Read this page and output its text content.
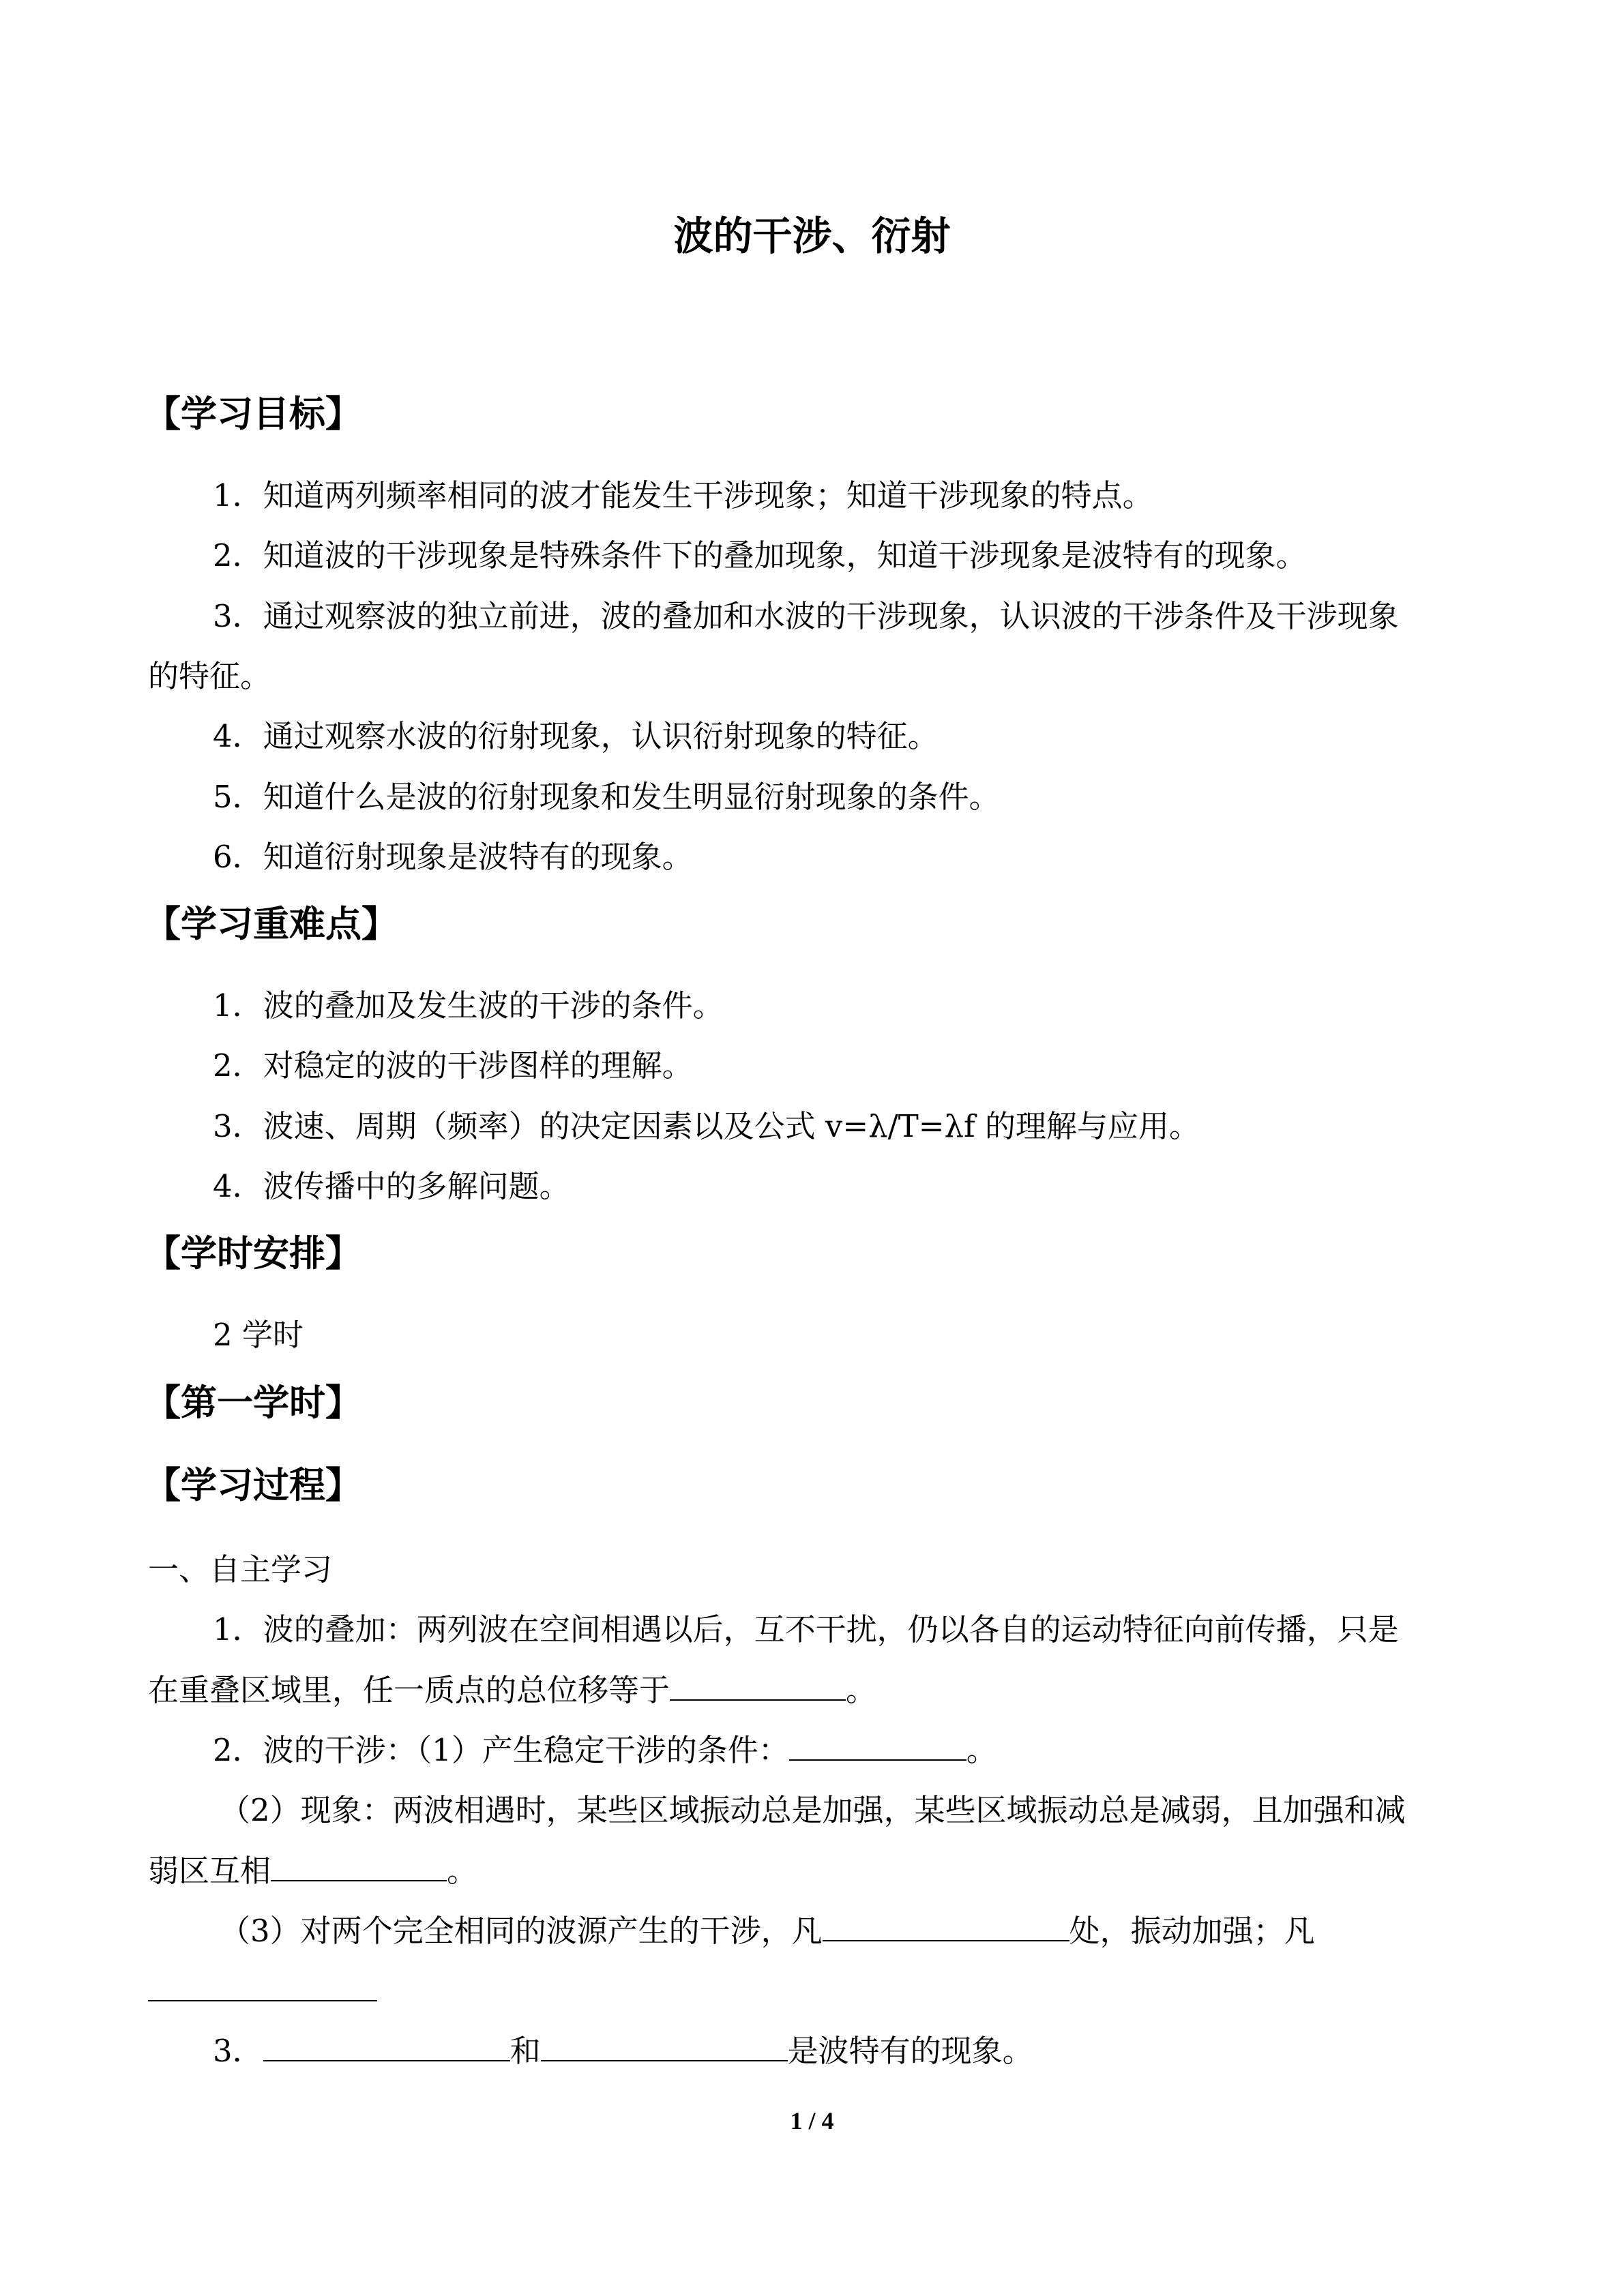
波的干涉、衍射
【学习目标】
1．知道两列频率相同的波才能发生干涉现象；知道干涉现象的特点。
2．知道波的干涉现象是特殊条件下的叠加现象，知道干涉现象是波特有的现象。
3．通过观察波的独立前进，波的叠加和水波的干涉现象，认识波的干涉条件及干涉现象
的特征。
4．通过观察水波的衍射现象，认识衍射现象的特征。
5．知道什么是波的衍射现象和发生明显衍射现象的条件。
6．知道衍射现象是波特有的现象。
【学习重难点】
1．波的叠加及发生波的干涉的条件。
2．对稳定的波的干涉图样的理解。
3．波速、周期（频率）的决定因素以及公式 v=λ/T=λf 的理解与应用。
4．波传播中的多解问题。
【学时安排】
2 学时
【第一学时】
【学习过程】
一、自主学习
1．波的叠加：两列波在空间相遇以后，互不干扰，仍以各自的运动特征向前传播，只是
在重叠区域里，任一质点的总位移等于	。
2．波的干涉：（1）产生稳定干涉的条件：	。
（2）现象：两波相遇时，某些区域振动总是加强，某些区域振动总是减弱，且加强和减
弱区互相	。
（3）对两个完全相同的波源产生的干涉，凡	处，振动加强；凡
3．	和	是波特有的现象。
1 / 4
